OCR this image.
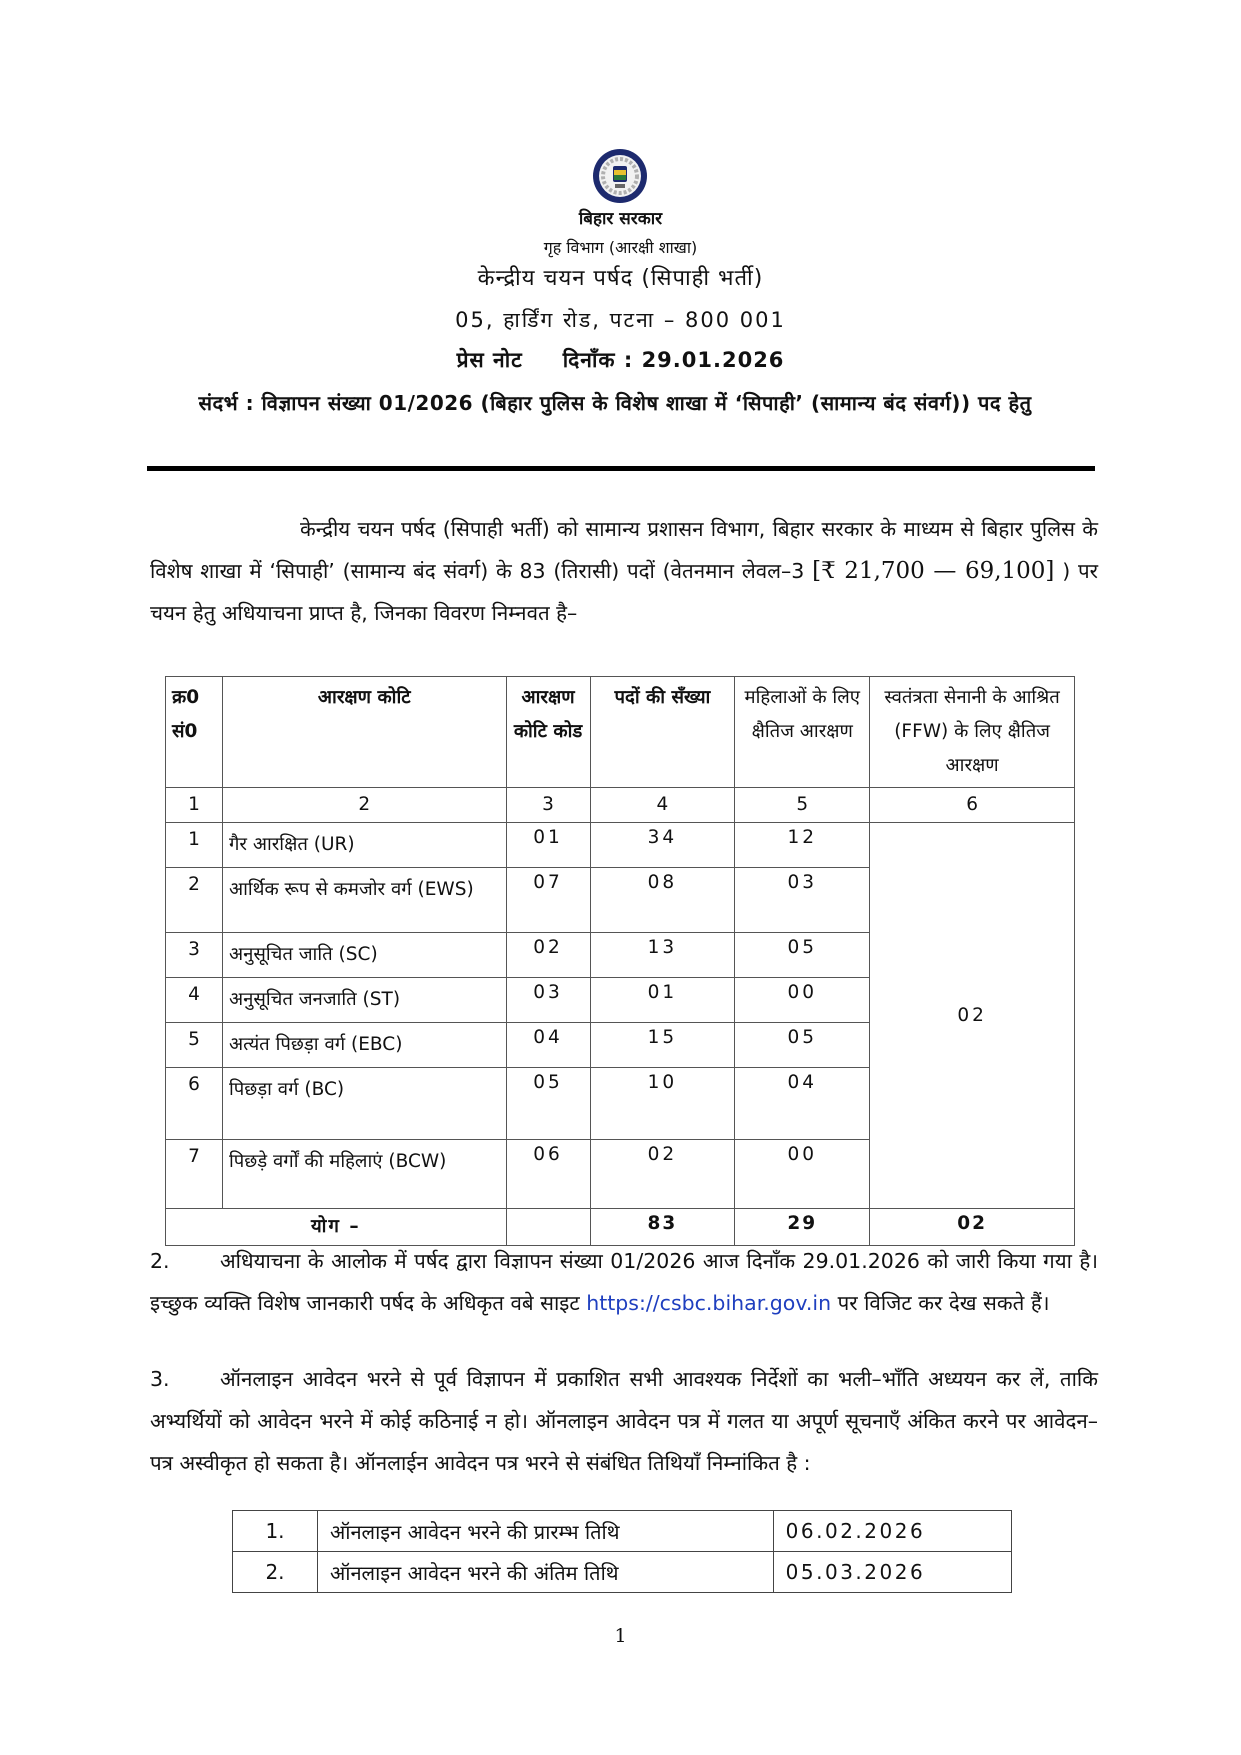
बिहार सरकार
गृह विभाग (आरक्षी शाखा)
केन्द्रीय चयन पर्षद (सिपाही भर्ती)
05, हार्डिंग रोड, पटना – 800 001
प्रेस नोट दिनाँक : 29.01.2026
संदर्भ : विज्ञापन संख्या 01/2026 (बिहार पुलिस के विशेष शाखा में ‘सिपाही’ (सामान्य बंद संवर्ग)) पद हेतु
केन्द्रीय चयन पर्षद (सिपाही भर्ती) को सामान्य प्रशासन विभाग, बिहार सरकार के माध्यम से बिहार पुलिस के विशेष शाखा में ‘सिपाही’ (सामान्य बंद संवर्ग) के 83 (तिरासी) पदों (वेतनमान लेवल–3 [₹ 21,700 — 69,100] ) पर चयन हेतु अधियाचना प्राप्त है, जिनका विवरण निम्नवत है–
क्र0 सं0	आरक्षण कोटि	आरक्षण कोटि कोड	पदों की सँख्या	महिलाओं के लिए क्षैतिज आरक्षण	स्वतंत्रता सेनानी के आश्रित (FFW) के लिए क्षैतिज आरक्षण
1	2	3	4	5	6
1	गैर आरक्षित (UR)	01	34	12	02
2	आर्थिक रूप से कमजोर वर्ग (EWS)	07	08	03	
3	अनुसूचित जाति (SC)	02	13	05	
4	अनुसूचित जनजाति (ST)	03	01	00	
5	अत्यंत पिछड़ा वर्ग (EBC)	04	15	05	
6	पिछड़ा वर्ग (BC)	05	10	04	
7	पिछड़े वर्गों की महिलाएं (BCW)	06	02	00	
योग –			83	29	02
2. अधियाचना के आलोक में पर्षद द्वारा विज्ञापन संख्या 01/2026 आज दिनाँक 29.01.2026 को जारी किया गया है। इच्छुक व्यक्ति विशेष जानकारी पर्षद के अधिकृत वबे साइट https://csbc.bihar.gov.in पर विजिट कर देख सकते हैं।
3. ऑनलाइन आवेदन भरने से पूर्व विज्ञापन में प्रकाशित सभी आवश्यक निर्देशों का भली–भाँति अध्ययन कर लें, ताकि अभ्यर्थियों को आवेदन भरने में कोई कठिनाई न हो। ऑनलाइन आवेदन पत्र में गलत या अपूर्ण सूचनाएँ अंकित करने पर आवेदन–पत्र अस्वीकृत हो सकता है। ऑनलाईन आवेदन पत्र भरने से संबंधित तिथियाँ निम्नांकित है :
1.	ऑनलाइन आवेदन भरने की प्रारम्भ तिथि	06.02.2026
2.	ऑनलाइन आवेदन भरने की अंतिम तिथि	05.03.2026
1
